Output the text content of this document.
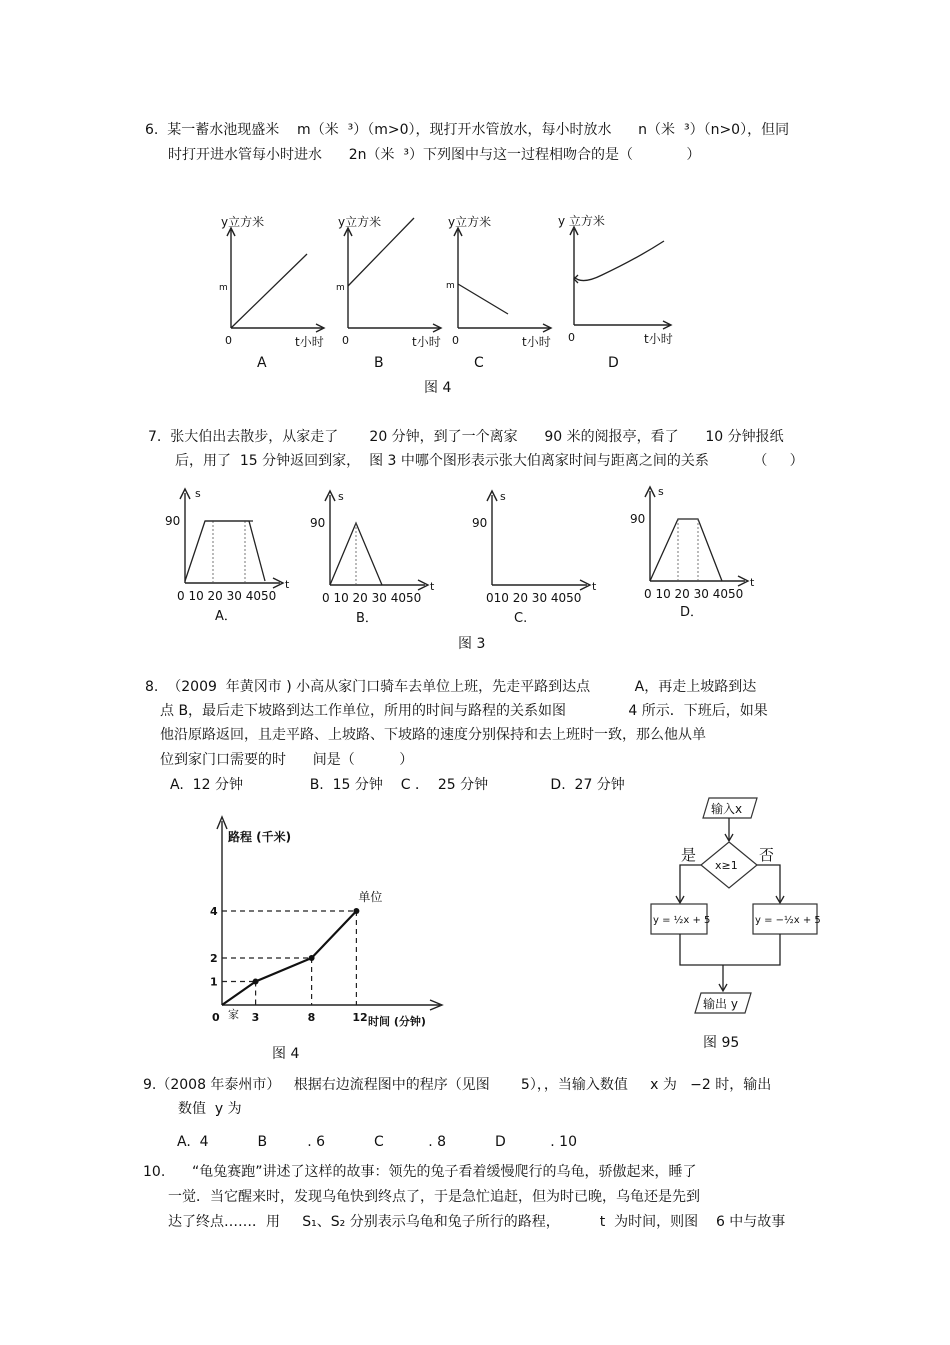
6.  某一蓄水池现盛米    m（米  ³）（m>0），现打开水管放水，每小时放水      n（米  ³）（n>0），但同
时打开进水管每小时进水      2n（米  ³）下列图中与这一过程相吻合的是（            ）
y立方米
m
0	t小时
A
y立方米
m
0	t小时
B
y立方米
m
0	t小时
C
y 立方米
0	t小时
D
图 4
7.  张大伯出去散步，从家走了       20 分钟，到了一个离家      90 米的阅报亭，看了      10 分钟报纸
后，用了  15 分钟返回到家，  图 3 中哪个图形表示张大伯离家时间与距离之间的关系          （     ）
s
90
0 10 20 30 4050
t
A．
s
90
0 10 20 30 4050
t
B．
s
90
010 20 30 4050
t
C.
s
90
0 10 20 30 4050
t
D．
图 3
8.  （2009  年黄冈市 ) 小高从家门口骑车去单位上班，先走平路到达点          A，再走上坡路到达
点 B，最后走下坡路到达工作单位，所用的时间与路程的关系如图              4 所示．下班后，如果
他沿原路返回，且走平路、上坡路、下坡路的速度分别保持和去上班时一致，那么他从单
位到家门口需要的时      间是（          ）
A.  12 分钟               B.  15 分钟    C ．  25 分钟              D.  27 分钟
路程 (千米)
时间 (分钟)
家
0	3	8	12
1
2
4
单位
图 4
输入x
x≥1
是	否
y = ½x + 5	y = −½x + 5
输出 y
图 95
9.（2008 年泰州市）   根据右边流程图中的程序（见图       5），，当输入数值     x 为   −2 时，输出
数值  y 为
A.  4           B         . 6           C          . 8           D          . 10
10.      “龟兔赛跑”讲述了这样的故事：领先的兔子看着缓慢爬行的乌龟，骄傲起来，睡了
一觉．当它醒来时，发现乌龟快到终点了，于是急忙追赶，但为时已晚，乌龟还是先到
达了终点……．用     S₁、S₂ 分别表示乌龟和兔子所行的路程，         t  为时间，则图    6 中与故事
